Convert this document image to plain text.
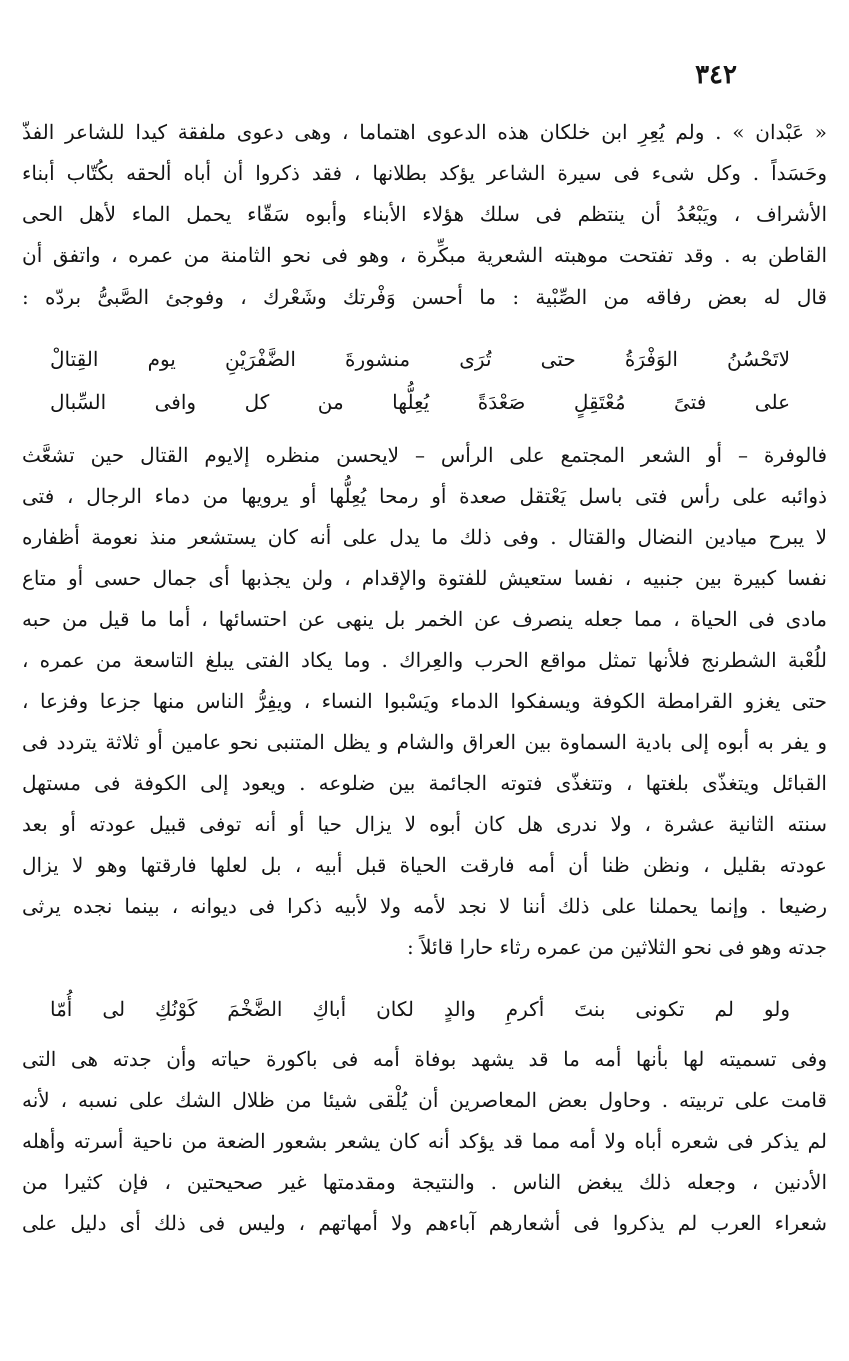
٣٤٢
« عَبْدان » . ولم يُعِرِ ابن خلكان هذه الدعوى اهتماما ، وهى دعوى ملفقة كيدا للشاعر الفذّ
وحَسَداً . وكل شىء فى سيرة الشاعر يؤكد بطلانها ، فقد ذكروا أن أباه ألحقه بكُتّاب أبناء
الأشراف ، ويَبْعُدُ أن ينتظم فى سلك هؤلاء الأبناء وأبوه سَقّاء يحمل الماء لأهل الحى
القاطن به . وقد تفتحت موهبته الشعرية مبكِّرة ، وهو فى نحو الثامنة من عمره ، واتفق أن
قال له بعض رفاقه من الصِّبْية : ما أحسن وَفْرتك وشَعْرك ، وفوجئ الصَّبىُّ بردّه :
لاتَحْسُنُ الوَفْرَةُ حتى تُرَى منشورةَ الضَّفْرَيْنِ يوم القِتالْ
على فتىً مُعْتَقِلٍ صَعْدَةً يُعِلُّها من كل وافى السِّبال
فالوفرة – أو الشعر المجتمع على الرأس – لايحسن منظره إلايوم القتال حين تشعَّث
ذوائبه على رأس فتى باسل يَعْتقل صعدة أو رمحا يُعِلُّها أو يرويها من دماء الرجال ، فتى
لا يبرح ميادين النضال والقتال . وفى ذلك ما يدل على أنه كان يستشعر منذ نعومة أظفاره
نفسا كبيرة بين جنبيه ، نفسا ستعيش للفتوة والإقدام ، ولن يجذبها أى جمال حسى أو متاع
مادى فى الحياة ، مما جعله ينصرف عن الخمر بل ينهى عن احتسائها ، أما ما قيل من حبه
للُعْبة الشطرنج فلأنها تمثل مواقع الحرب والعِراك . وما يكاد الفتى يبلغ التاسعة من عمره ،
حتى يغزو القرامطة الكوفة ويسفكوا الدماء ويَسْبوا النساء ، ويفِرُّ الناس منها جزعا وفزعا ،
و يفر به أبوه إلى بادية السماوة بين العراق والشام و يظل المتنبى نحو عامين أو ثلاثة يتردد فى
القبائل ويتغذّى بلغتها ، وتتغذّى فتوته الجائمة بين ضلوعه . ويعود إلى الكوفة فى مستهل
سنته الثانية عشرة ، ولا ندرى هل كان أبوه لا يزال حيا أو أنه توفى قبيل عودته أو بعد
عودته بقليل ، ونظن ظنا أن أمه فارقت الحياة قبل أبيه ، بل لعلها فارقتها وهو لا يزال
رضيعا . وإنما يحملنا على ذلك أننا لا نجد لأمه ولا لأبيه ذكرا فى ديوانه ، بينما نجده يرثى
جدته وهو فى نحو الثلاثين من عمره رثاء حارا قائلاً :
ولو لم تكونى بنتَ أكرمِ والدٍ لكان أباكِ الضَّخْمَ كَوْنُكِ لى أُمّا
وفى تسميته لها بأنها أمه ما قد يشهد بوفاة أمه فى باكورة حياته وأن جدته هى التى
قامت على تربيته . وحاول بعض المعاصرين أن يُلْقى شيئا من ظلال الشك على نسبه ، لأنه
لم يذكر فى شعره أباه ولا أمه مما قد يؤكد أنه كان يشعر بشعور الضعة من ناحية أسرته وأهله
الأدنين ، وجعله ذلك يبغض الناس . والنتيجة ومقدمتها غير صحيحتين ، فإن كثيرا من
شعراء العرب لم يذكروا فى أشعارهم آباءهم ولا أمهاتهم ، وليس فى ذلك أى دليل على
